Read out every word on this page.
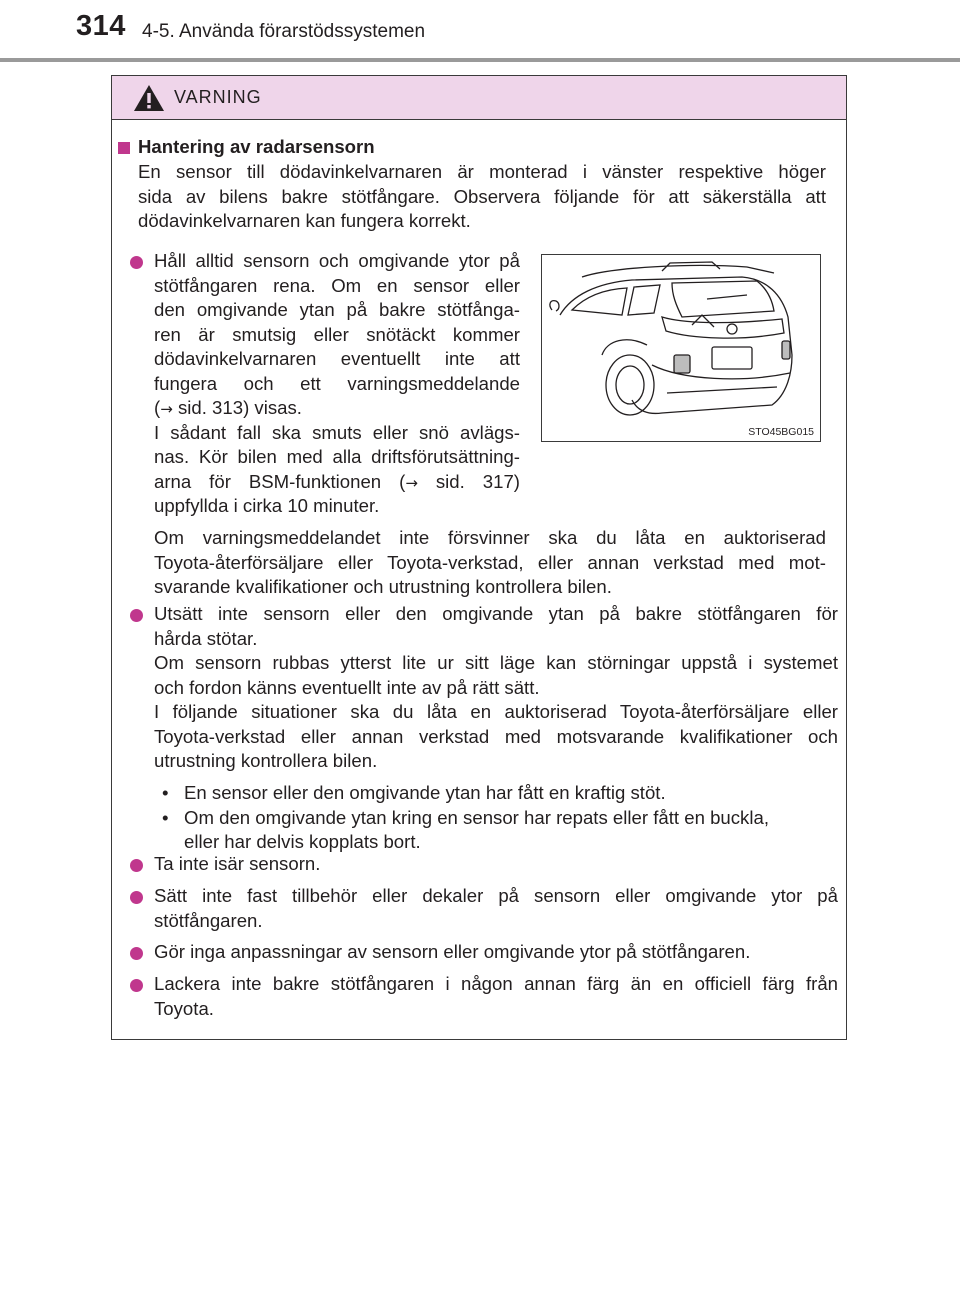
314 4-5. Använda förarstödssystemen
VARNING
Hantering av radarsensorn

En sensor till dödavinkelvarnaren är monterad i vänster respektive höger

sida av bilens bakre stötfångare. Observera följande för att säkerställa att

dödavinkelvarnaren kan fungera korrekt.

Håll alltid sensorn och omgivande ytor på

stötfångaren rena. Om en sensor eller

den omgivande ytan på bakre stötfånga-

ren är smutsig eller snötäckt kommer

dödavinkelvarnaren eventuellt inte att

fungera och ett varningsmeddelande

(→ sid. 313) visas.

I sådant fall ska smuts eller snö avlägs-

nas. Kör bilen med alla driftsförutsättning-

arna för BSM-funktionen (→ sid. 317)

uppfyllda i cirka 10 minuter.

Om varningsmeddelandet inte försvinner ska du låta en auktoriserad

Toyota-återförsäljare eller Toyota-verkstad, eller annan verkstad med mot-

svarande kvalifikationer och utrustning kontrollera bilen.

Utsätt inte sensorn eller den omgivande ytan på bakre stötfångaren för

hårda stötar.

Om sensorn rubbas ytterst lite ur sitt läge kan störningar uppstå i systemet

och fordon känns eventuellt inte av på rätt sätt.

I följande situationer ska du låta en auktoriserad Toyota-återförsäljare eller

Toyota-verkstad eller annan verkstad med motsvarande kvalifikationer och

utrustning kontrollera bilen.

• En sensor eller den omgivande ytan har fått en kraftig stöt.

• Om den omgivande ytan kring en sensor har repats eller fått en buckla,

eller har delvis kopplats bort.

Ta inte isär sensorn.

Sätt inte fast tillbehör eller dekaler på sensorn eller omgivande ytor på

stötfångaren.

Gör inga anpassningar av sensorn eller omgivande ytor på stötfångaren.

Lackera inte bakre stötfångaren i någon annan färg än en officiell färg från

Toyota.

STO45BG015
